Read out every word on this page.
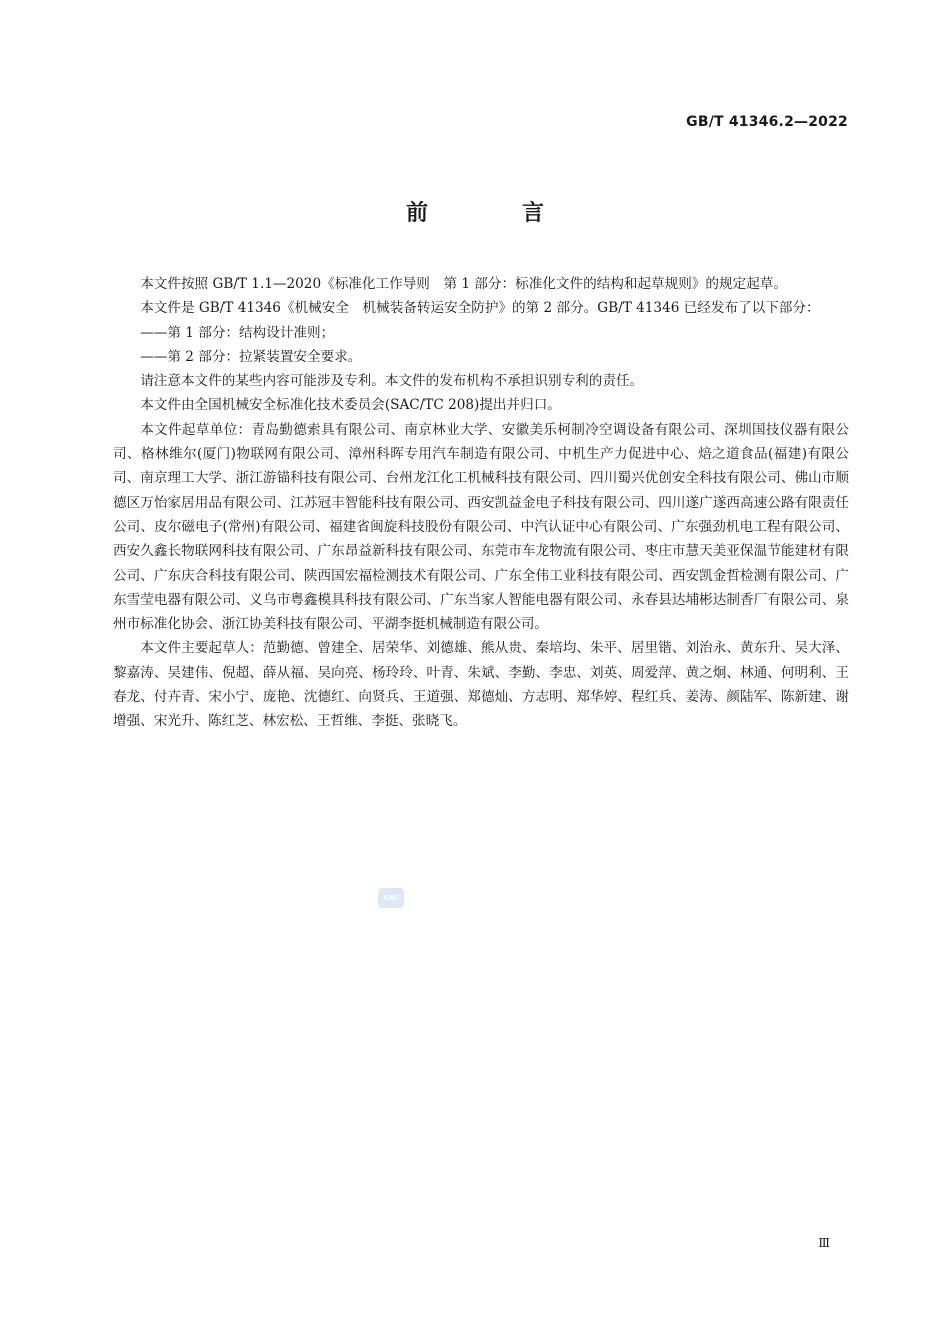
GB/T 41346.2—2022
前　言

本文件按照 GB/T 1.1—2020《标准化工作导则　第 1 部分：标准化文件的结构和起草规则》的规定起草。

本文件是 GB/T 41346《机械安全　机械装备转运安全防护》的第 2 部分。GB/T 41346 已经发布了以下部分：

——第 1 部分：结构设计准则；

——第 2 部分：拉紧装置安全要求。

请注意本文件的某些内容可能涉及专利。本文件的发布机构不承担识别专利的责任。

本文件由全国机械安全标准化技术委员会(SAC/TC 208)提出并归口。

本文件起草单位：青岛勤德索具有限公司、南京林业大学、安徽美乐柯制冷空调设备有限公司、深圳国技仪器有限公司、格林维尔(厦门)物联网有限公司、漳州科晖专用汽车制造有限公司、中机生产力促进中心、焙之道食品(福建)有限公司、南京理工大学、浙江游锚科技有限公司、台州龙江化工机械科技有限公司、四川蜀兴优创安全科技有限公司、佛山市顺德区万怡家居用品有限公司、江苏冠丰智能科技有限公司、西安凯益金电子科技有限公司、四川遂广遂西高速公路有限责任公司、皮尔磁电子(常州)有限公司、福建省闽旋科技股份有限公司、中汽认证中心有限公司、广东强劲机电工程有限公司、西安久鑫长物联网科技有限公司、广东昂益新科技有限公司、东莞市车龙物流有限公司、枣庄市慧天美亚保温节能建材有限公司、广东庆合科技有限公司、陕西国宏福检测技术有限公司、广东全伟工业科技有限公司、西安凯金哲检测有限公司、广东雪莹电器有限公司、义乌市粤鑫模具科技有限公司、广东当家人智能电器有限公司、永春县达埔彬达制香厂有限公司、泉州市标准化协会、浙江协美科技有限公司、平湖李挺机械制造有限公司。

本文件主要起草人：范勤德、曾建全、居荣华、刘德雄、熊从贵、秦培均、朱平、居里锴、刘治永、黄东升、吴大泽、黎嘉涛、吴建伟、倪超、薛从福、吴向亮、杨玲玲、叶青、朱斌、李勤、李忠、刘英、周爱萍、黄之炯、林通、何明利、王春龙、付卉青、宋小宁、庞艳、沈德红、向贤兵、王道强、郑德灿、方志明、郑华婷、程红兵、姜涛、颜陆军、陈新建、谢增强、宋光升、陈红芝、林宏松、王哲维、李挺、张晓飞。

SAC
Ⅲ
